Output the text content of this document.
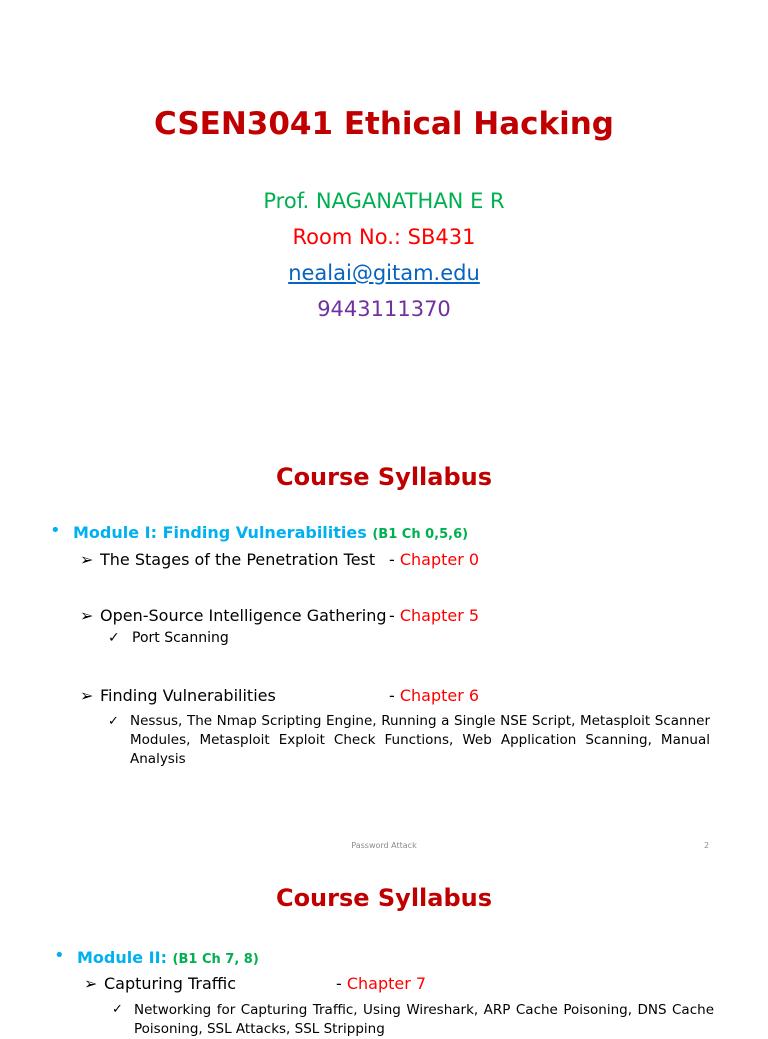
CSEN3041 Ethical Hacking
Prof. NAGANATHAN E R
Room No.: SB431
nealai@gitam.edu
9443111370
Course Syllabus
• Module I: Finding Vulnerabilities (B1 Ch 0,5,6)
➢ The Stages of the Penetration Test - Chapter 0
➢ Open-Source Intelligence Gathering - Chapter 5
✓ Port Scanning
➢ Finding Vulnerabilities	- Chapter 6
✓ Nessus, The Nmap Scripting Engine, Running a Single NSE Script, Metasploit Scanner Modules, Metasploit Exploit Check Functions, Web Application Scanning, Manual Analysis
Password Attack	2
Course Syllabus
• Module II: (B1 Ch 7, 8)
➢ Capturing Traffic	- Chapter 7
✓ Networking for Capturing Traffic, Using Wireshark, ARP Cache Poisoning, DNS Cache Poisoning, SSL Attacks, SSL Stripping
